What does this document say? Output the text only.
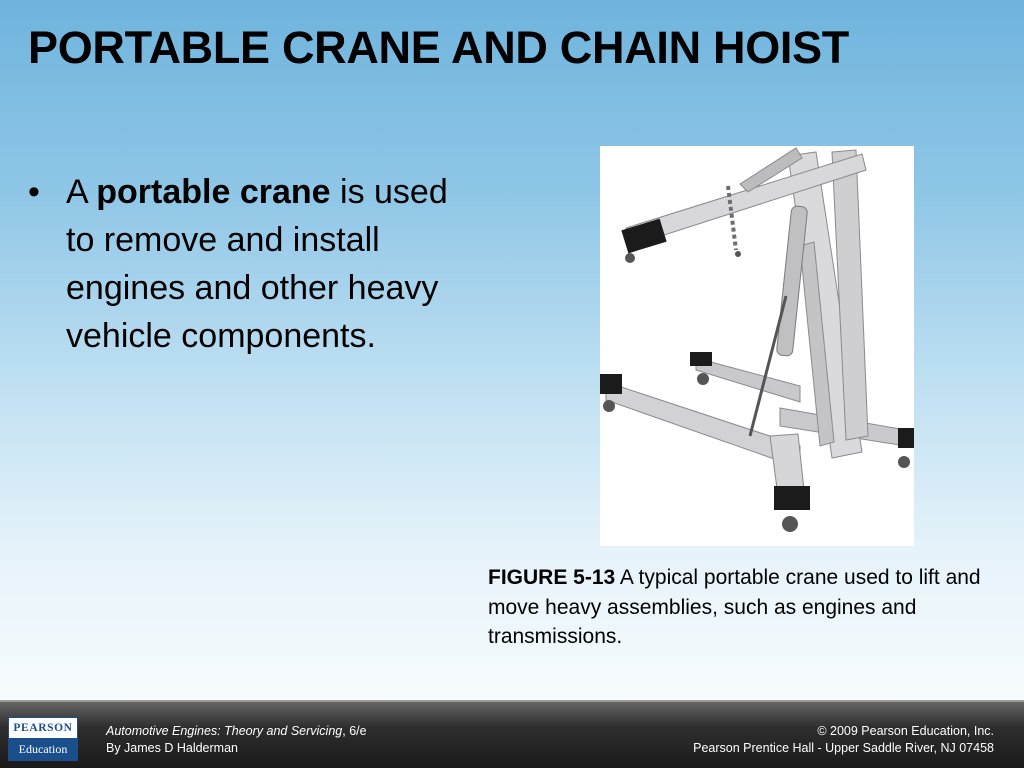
PORTABLE CRANE AND CHAIN HOIST
• A portable crane is used to remove and install engines and other heavy vehicle components.
FIGURE 5-13 A typical portable crane used to lift and move heavy assemblies, such as engines and transmissions.
PEARSON
Education
Automotive Engines: Theory and Servicing, 6/e
By James D Halderman
© 2009 Pearson Education, Inc.
Pearson Prentice Hall - Upper Saddle River, NJ 07458
